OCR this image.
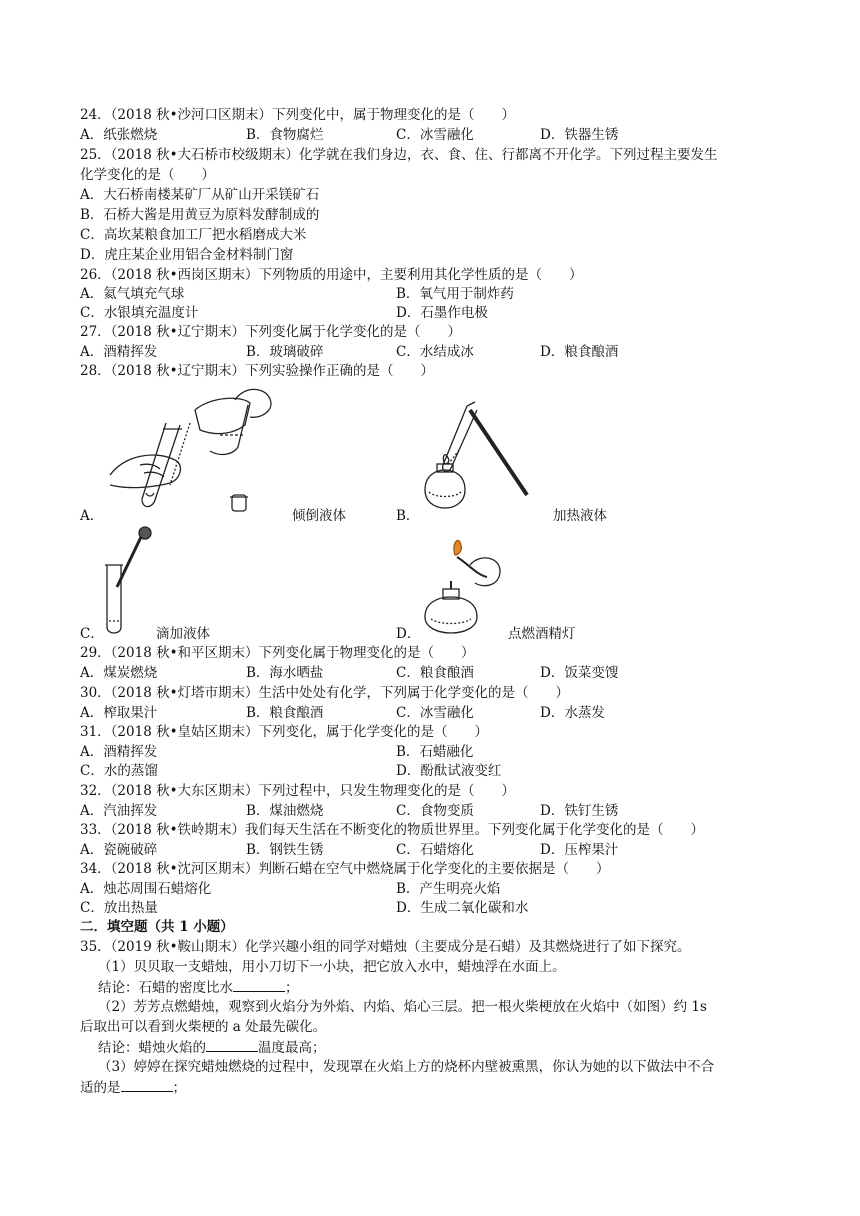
24．（2018 秋•沙河口区期末）下列变化中，属于物理变化的是（　　）
A．纸张燃烧	B．食物腐烂	C．冰雪融化	D．铁器生锈
25．（2018 秋•大石桥市校级期末）化学就在我们身边，衣、食、住、行都离不开化学。下列过程主要发生
化学变化的是（　　）
A．大石桥南楼某矿厂从矿山开采镁矿石
B．石桥大酱是用黄豆为原料发酵制成的
C．高坎某粮食加工厂把水稻磨成大米
D．虎庄某企业用铝合金材料制门窗
26．（2018 秋•西岗区期末）下列物质的用途中，主要利用其化学性质的是（　　）
A．氦气填充气球	B．氧气用于制炸药
C．水银填充温度计	D．石墨作电极
27．（2018 秋•辽宁期末）下列变化属于化学变化的是（　　）
A．酒精挥发	B．玻璃破碎	C．水结成冰	D．粮食酿酒
28．（2018 秋•辽宁期末）下列实验操作正确的是（　　）
A．	倾倒液体	B．	加热液体
C．	滴加液体	D．	点燃酒精灯
29．（2018 秋•和平区期末）下列变化属于物理变化的是（　　）
A．煤炭燃烧	B．海水晒盐	C．粮食酿酒	D．饭菜变馊
30．（2018 秋•灯塔市期末）生活中处处有化学，下列属于化学变化的是（　　）
A．榨取果汁	B．粮食酿酒	C．冰雪融化	D．水蒸发
31．（2018 秋•皇姑区期末）下列变化，属于化学变化的是（　　）
A．酒精挥发	B．石蜡融化
C．水的蒸馏	D．酚酞试液变红
32．（2018 秋•大东区期末）下列过程中，只发生物理变化的是（　　）
A．汽油挥发	B．煤油燃烧	C．食物变质	D．铁钉生锈
33．（2018 秋•铁岭期末）我们每天生活在不断变化的物质世界里。下列变化属于化学变化的是（　　）
A．瓷碗破碎	B．钢铁生锈	C．石蜡熔化	D．压榨果汁
34．（2018 秋•沈河区期末）判断石蜡在空气中燃烧属于化学变化的主要依据是（　　）
A．烛芯周围石蜡熔化	B．产生明亮火焰
C．放出热量	D．生成二氧化碳和水
二．填空题（共 1 小题）
35．（2019 秋•鞍山期末）化学兴趣小组的同学对蜡烛（主要成分是石蜡）及其燃烧进行了如下探究。
（1）贝贝取一支蜡烛，用小刀切下一小块，把它放入水中，蜡烛浮在水面上。
结论：石蜡的密度比水	；
（2）芳芳点燃蜡烛，观察到火焰分为外焰、内焰、焰心三层。把一根火柴梗放在火焰中（如图）约 1s
后取出可以看到火柴梗的 a 处最先碳化。
结论：蜡烛火焰的	温度最高；
（3）婷婷在探究蜡烛燃烧的过程中，发现罩在火焰上方的烧杯内壁被熏黑，你认为她的以下做法中不合
适的是	；
